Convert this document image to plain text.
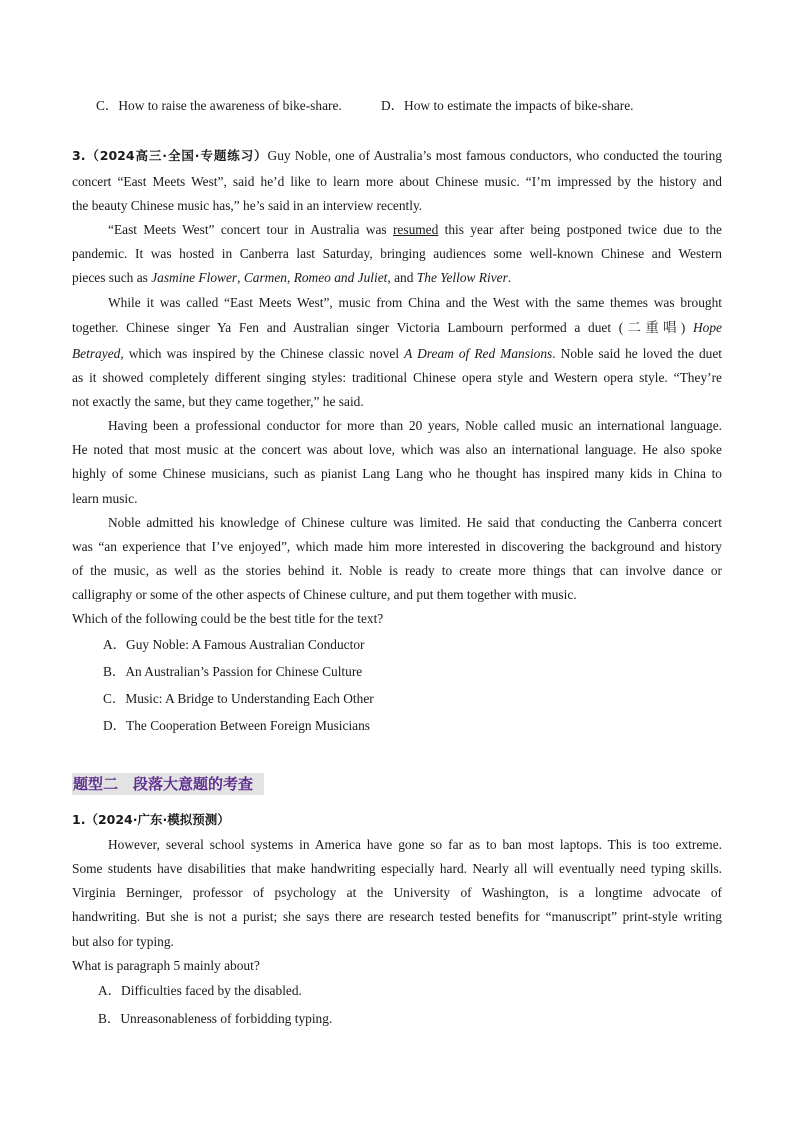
C．How to raise the awareness of bike-share.	D．How to estimate the impacts of bike-share.
3.（2024高三·全国·专题练习）Guy Noble, one of Australia’s most famous conductors, who conducted the touring
concert “East Meets West”, said he’d like to learn more about Chinese music. “I’m impressed by the history and
the beauty Chinese music has,” he’s said in an interview recently.
“East Meets West” concert tour in Australia was resumed this year after being postponed twice due to the
pandemic. It was hosted in Canberra last Saturday, bringing audiences some well-known Chinese and Western
pieces such as Jasmine Flower, Carmen, Romeo and Juliet, and The Yellow River.
While it was called “East Meets West”, music from China and the West with the same themes was brought
together. Chinese singer Ya Fen and Australian singer Victoria Lambourn performed a duet (二重唱) Hope
Betrayed, which was inspired by the Chinese classic novel A Dream of Red Mansions. Noble said he loved the duet
as it showed completely different singing styles: traditional Chinese opera style and Western opera style. “They’re
not exactly the same, but they came together,” he said.
Having been a professional conductor for more than 20 years, Noble called music an international language.
He noted that most music at the concert was about love, which was also an international language. He also spoke
highly of some Chinese musicians, such as pianist Lang Lang who he thought has inspired many kids in China to
learn music.
Noble admitted his knowledge of Chinese culture was limited. He said that conducting the Canberra concert
was “an experience that I’ve enjoyed”, which made him more interested in discovering the background and history
of the music, as well as the stories behind it. Noble is ready to create more things that can involve dance or
calligraphy or some of the other aspects of Chinese culture, and put them together with music.
Which of the following could be the best title for the text?
A．Guy Noble: A Famous Australian Conductor
B．An Australian’s Passion for Chinese Culture
C．Music: A Bridge to Understanding Each Other
D．The Cooperation Between Foreign Musicians
题型二　段落大意题的考查
1.（2024·广东·模拟预测）
However, several school systems in America have gone so far as to ban most laptops. This is too extreme.
Some students have disabilities that make handwriting especially hard. Nearly all will eventually need typing skills.
Virginia Berninger, professor of psychology at the University of Washington, is a longtime advocate of
handwriting. But she is not a purist; she says there are research tested benefits for “manuscript” print-style writing
but also for typing.
What is paragraph 5 mainly about?
A．Difficulties faced by the disabled.
B．Unreasonableness of forbidding typing.
